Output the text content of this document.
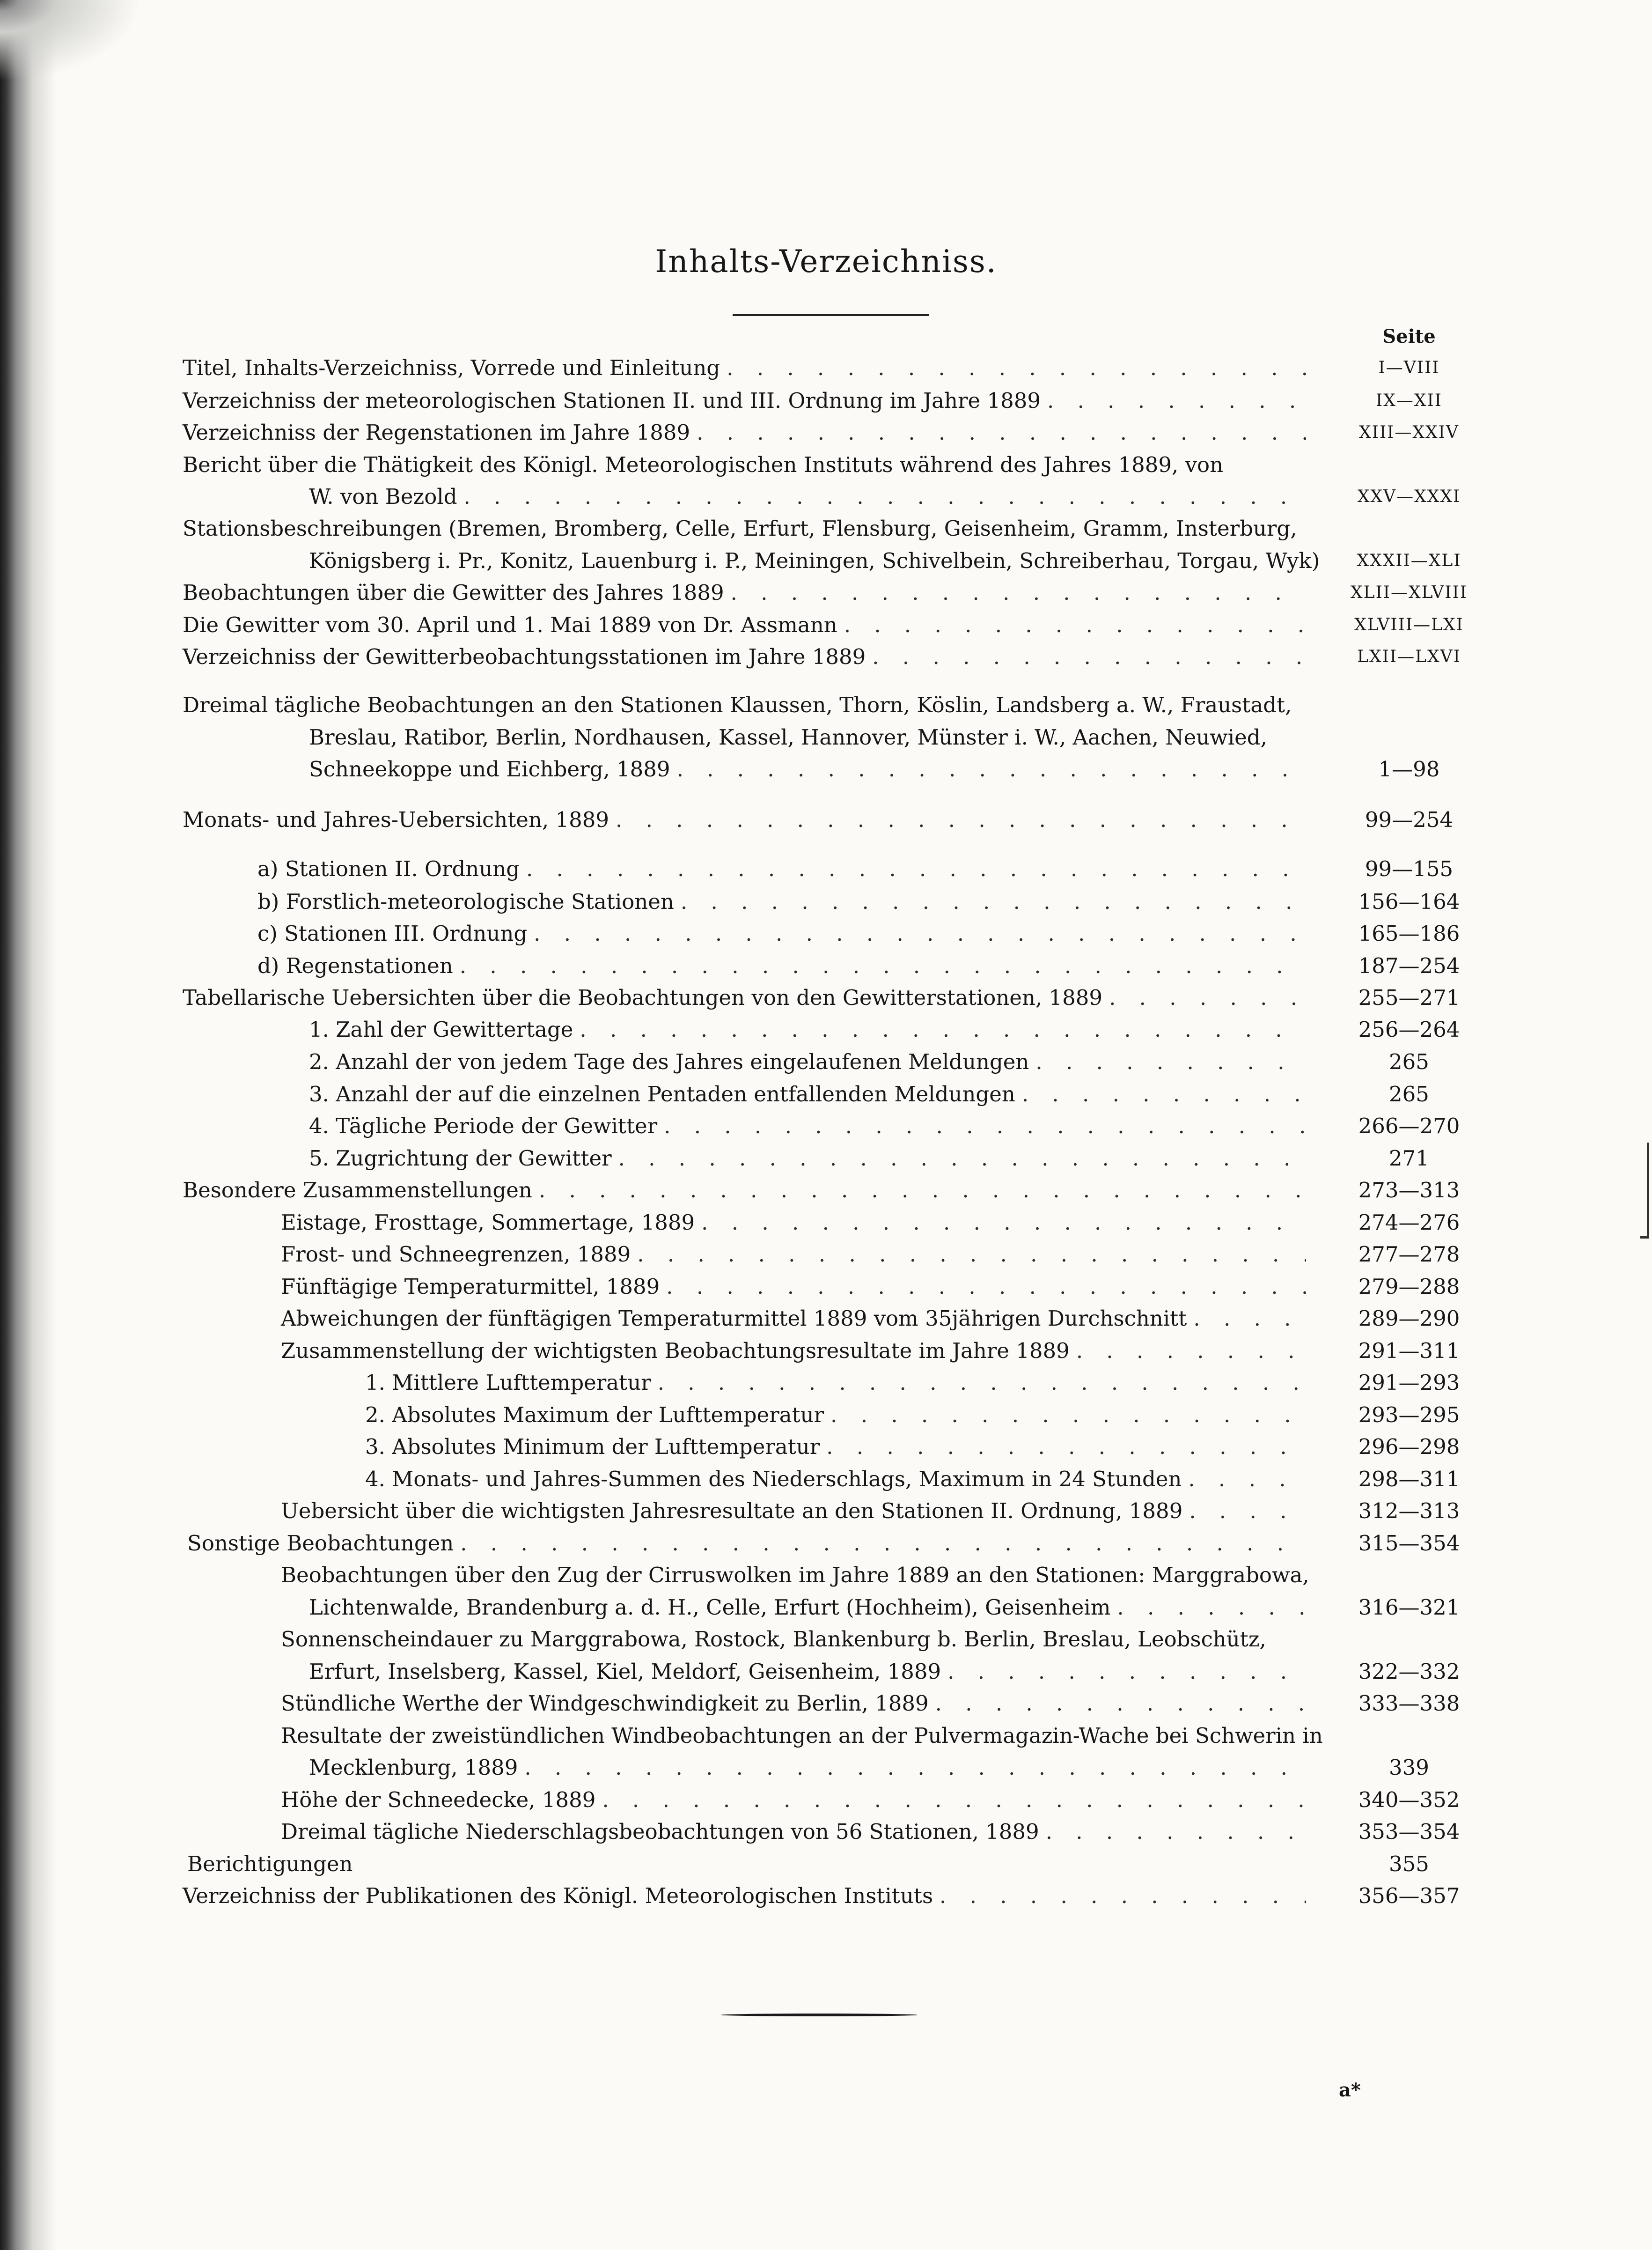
Inhalts-Verzeichniss.
Seite
Titel, Inhalts-Verzeichniss, Vorrede und Einleitung . . .	I—VIII
Verzeichniss der meteorologischen Stationen II. und III. Ordnung im Jahre 1889 . . .	IX—XII
Verzeichniss der Regenstationen im Jahre 1889 . . .	XIII—XXIV
Bericht über die Thätigkeit des Königl. Meteorologischen Instituts während des Jahres 1889, von
W. von Bezold . . .	XXV—XXXI
Stationsbeschreibungen (Bremen, Bromberg, Celle, Erfurt, Flensburg, Geisenheim, Gramm, Insterburg,
Königsberg i. Pr., Konitz, Lauenburg i. P., Meiningen, Schivelbein, Schreiberhau, Torgau, Wyk)	XXXII—XLI
Beobachtungen über die Gewitter des Jahres 1889 . . .	XLII—XLVIII
Die Gewitter vom 30. April und 1. Mai 1889 von Dr. Assmann . . .	XLVIII—LXI
Verzeichniss der Gewitterbeobachtungsstationen im Jahre 1889 . . .	LXII—LXVI
Dreimal tägliche Beobachtungen an den Stationen Klaussen, Thorn, Köslin, Landsberg a. W., Fraustadt,
Breslau, Ratibor, Berlin, Nordhausen, Kassel, Hannover, Münster i. W., Aachen, Neuwied,
Schneekoppe und Eichberg, 1889 . . .	1—98
Monats- und Jahres-Uebersichten, 1889 . . .	99—254
a) Stationen II. Ordnung . . .	99—155
b) Forstlich-meteorologische Stationen . . .	156—164
c) Stationen III. Ordnung . . .	165—186
d) Regenstationen . . .	187—254
Tabellarische Uebersichten über die Beobachtungen von den Gewitterstationen, 1889 . . .	255—271
1. Zahl der Gewittertage . . .	256—264
2. Anzahl der von jedem Tage des Jahres eingelaufenen Meldungen . . .	265
3. Anzahl der auf die einzelnen Pentaden entfallenden Meldungen . . .	265
4. Tägliche Periode der Gewitter . . .	266—270
5. Zugrichtung der Gewitter . . .	271
Besondere Zusammenstellungen . . .	273—313
Eistage, Frosttage, Sommertage, 1889 . . .	274—276
Frost- und Schneegrenzen, 1889 . . .	277—278
Fünftägige Temperaturmittel, 1889 . . .	279—288
Abweichungen der fünftägigen Temperaturmittel 1889 vom 35jährigen Durchschnitt . . .	289—290
Zusammenstellung der wichtigsten Beobachtungsresultate im Jahre 1889 . . .	291—311
1. Mittlere Lufttemperatur . . .	291—293
2. Absolutes Maximum der Lufttemperatur . . .	293—295
3. Absolutes Minimum der Lufttemperatur . . .	296—298
4. Monats- und Jahres-Summen des Niederschlags, Maximum in 24 Stunden . . .	298—311
Uebersicht über die wichtigsten Jahresresultate an den Stationen II. Ordnung, 1889 . . .	312—313
Sonstige Beobachtungen . . .	315—354
Beobachtungen über den Zug der Cirruswolken im Jahre 1889 an den Stationen: Marggrabowa,
Lichtenwalde, Brandenburg a. d. H., Celle, Erfurt (Hochheim), Geisenheim . . .	316—321
Sonnenscheindauer zu Marggrabowa, Rostock, Blankenburg b. Berlin, Breslau, Leobschütz,
Erfurt, Inselsberg, Kassel, Kiel, Meldorf, Geisenheim, 1889 . . .	322—332
Stündliche Werthe der Windgeschwindigkeit zu Berlin, 1889 . . .	333—338
Resultate der zweistündlichen Windbeobachtungen an der Pulvermagazin-Wache bei Schwerin in
Mecklenburg, 1889 . . .	339
Höhe der Schneedecke, 1889 . . .	340—352
Dreimal tägliche Niederschlagsbeobachtungen von 56 Stationen, 1889 . . .	353—354
Berichtigungen	355
Verzeichniss der Publikationen des Königl. Meteorologischen Instituts . . .	356—357
a*
